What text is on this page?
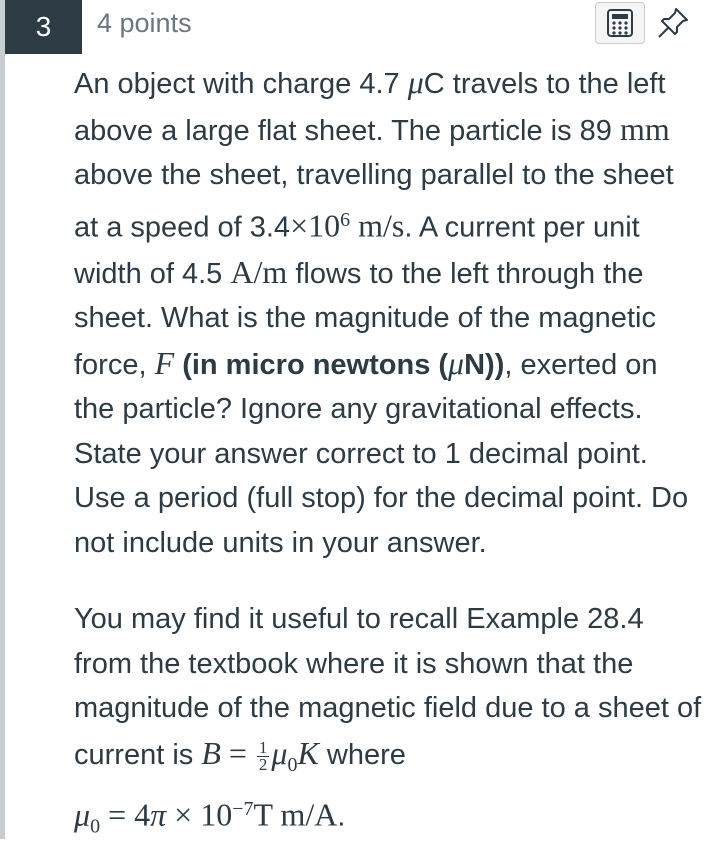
3	4 points
An object with charge 4.7 μC travels to the left above a large flat sheet. The particle is 89 mm above the sheet, travelling parallel to the sheet at a speed of $3.4\times 10^6$ m/s. A current per unit width of 4.5 A/m flows to the left through the sheet. What is the magnitude of the magnetic force, F (in micro newtons (μN)), exerted on the particle? Ignore any gravitational effects. State your answer correct to 1 decimal point. Use a period (full stop) for the decimal point. Do not include units in your answer.
You may find it useful to recall Example 28.4 from the textbook where it is shown that the magnitude of the magnetic field due to a sheet of current is $B = \frac{1}{2} \mu_0K$ where
$\mu_0 = 4\pi \times 10^{-7}T$ m/A.
